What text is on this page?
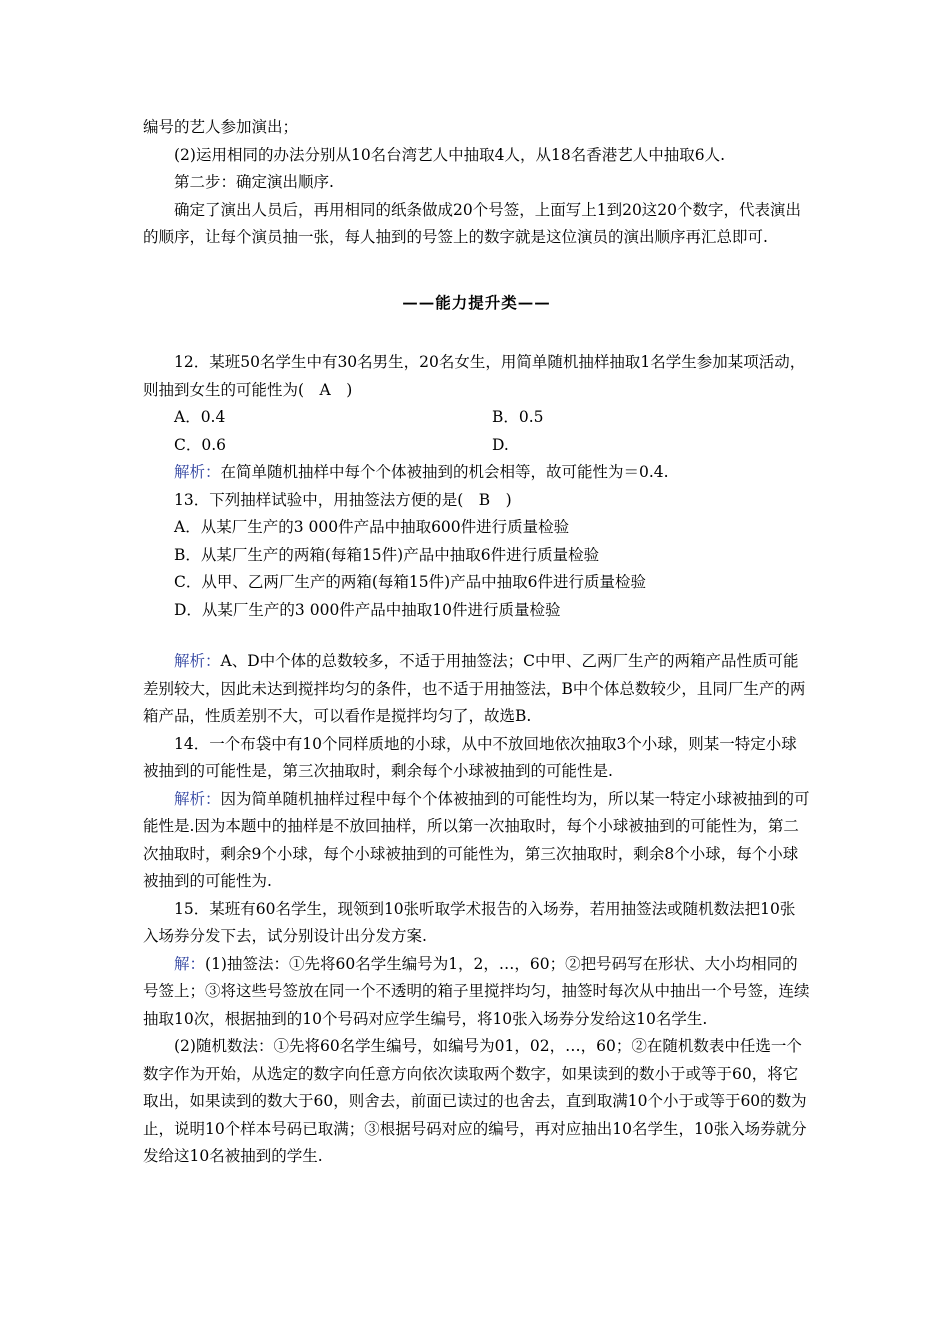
编号的艺人参加演出；

(2)运用相同的办法分别从10名台湾艺人中抽取4人，从18名香港艺人中抽取6人.

第二步：确定演出顺序.

确定了演出人员后，再用相同的纸条做成20个号签，上面写上1到20这20个数字，代表演出的顺序，让每个演员抽一张，每人抽到的号签上的数字就是这位演员的演出顺序再汇总即可.

——能力提升类——

12．某班50名学生中有30名男生，20名女生，用简单随机抽样抽取1名学生参加某项活动，则抽到女生的可能性为(　A　)

A．0.4	B．0.5
C．0.6	D.

解析：在简单随机抽样中每个个体被抽到的机会相等，故可能性为＝0.4.

13．下列抽样试验中，用抽签法方便的是(　B　)

A．从某厂生产的3 000件产品中抽取600件进行质量检验

B．从某厂生产的两箱(每箱15件)产品中抽取6件进行质量检验

C．从甲、乙两厂生产的两箱(每箱15件)产品中抽取6件进行质量检验

D．从某厂生产的3 000件产品中抽取10件进行质量检验

解析：A、D中个体的总数较多，不适于用抽签法；C中甲、乙两厂生产的两箱产品性质可能差别较大，因此未达到搅拌均匀的条件，也不适于用抽签法，B中个体总数较少，且同厂生产的两箱产品，性质差别不大，可以看作是搅拌均匀了，故选B.

14．一个布袋中有10个同样质地的小球，从中不放回地依次抽取3个小球，则某一特定小球被抽到的可能性是，第三次抽取时，剩余每个小球被抽到的可能性是.

解析：因为简单随机抽样过程中每个个体被抽到的可能性均为，所以某一特定小球被抽到的可能性是.因为本题中的抽样是不放回抽样，所以第一次抽取时，每个小球被抽到的可能性为，第二次抽取时，剩余9个小球，每个小球被抽到的可能性为，第三次抽取时，剩余8个小球，每个小球被抽到的可能性为.

15．某班有60名学生，现领到10张听取学术报告的入场券，若用抽签法或随机数法把10张入场券分发下去，试分别设计出分发方案.

解：(1)抽签法：①先将60名学生编号为1，2，…，60；②把号码写在形状、大小均相同的号签上；③将这些号签放在同一个不透明的箱子里搅拌均匀，抽签时每次从中抽出一个号签，连续抽取10次，根据抽到的10个号码对应学生编号，将10张入场券分发给这10名学生.

(2)随机数法：①先将60名学生编号，如编号为01，02，…，60；②在随机数表中任选一个数字作为开始，从选定的数字向任意方向依次读取两个数字，如果读到的数小于或等于60，将它取出，如果读到的数大于60，则舍去，前面已读过的也舍去，直到取满10个小于或等于60的数为止，说明10个样本号码已取满；③根据号码对应的编号，再对应抽出10名学生，10张入场券就分发给这10名被抽到的学生.
